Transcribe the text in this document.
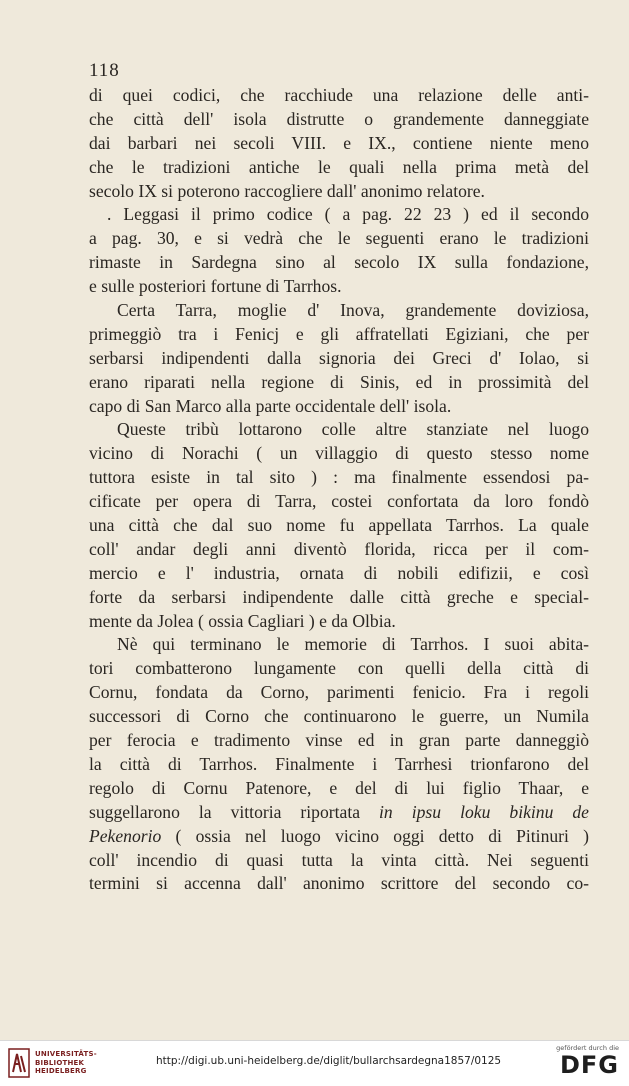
118
di quei codici, che racchiude una relazione delle anti-
che città dell' isola distrutte o grandemente danneggiate
dai barbari nei secoli VIII. e IX., contiene niente meno
che le tradizioni antiche le quali nella prima metà del
secolo IX si poterono raccogliere dall' anonimo relatore.
. Leggasi il primo codice ( a pag. 22 23 ) ed il secondo
a pag. 30, e si vedrà che le seguenti erano le tradizioni
rimaste in Sardegna sino al secolo IX sulla fondazione,
e sulle posteriori fortune di Tarrhos.
Certa Tarra, moglie d' Inova, grandemente doviziosa,
primeggiò tra i Fenicj e gli affratellati Egiziani, che per
serbarsi indipendenti dalla signoria dei Greci d' Iolao, si
erano riparati nella regione di Sinis, ed in prossimità del
capo di San Marco alla parte occidentale dell' isola.
Queste tribù lottarono colle altre stanziate nel luogo
vicino di Norachi ( un villaggio di questo stesso nome
tuttora esiste in tal sito ) : ma finalmente essendosi pa-
cificate per opera di Tarra, costei confortata da loro fondò
una città che dal suo nome fu appellata Tarrhos. La quale
coll' andar degli anni diventò florida, ricca per il com-
mercio e l' industria, ornata di nobili edifizii, e così
forte da serbarsi indipendente dalle città greche e special-
mente da Jolea ( ossia Cagliari ) e da Olbia.
Nè qui terminano le memorie di Tarrhos. I suoi abita-
tori combatterono lungamente con quelli della città di
Cornu, fondata da Corno, parimenti fenicio. Fra i regoli
successori di Corno che continuarono le guerre, un Numila
per ferocia e tradimento vinse ed in gran parte danneggiò
la città di Tarrhos. Finalmente i Tarrhesi trionfarono del
regolo di Cornu Patenore, e del di lui figlio Thaar, e
suggellarono la vittoria riportata in ipsu loku bikinu de
Pekenorio ( ossia nel luogo vicino oggi detto di Pitinuri )
coll' incendio di quasi tutta la vinta città. Nei seguenti
termini si accenna dall' anonimo scrittore del secondo co-
UNIVERSITÄTS-
BIBLIOTHEK
HEIDELBERG
http://digi.ub.uni-heidelberg.de/diglit/bullarchsardegna1857/0125
gefördert durch die
DFG
